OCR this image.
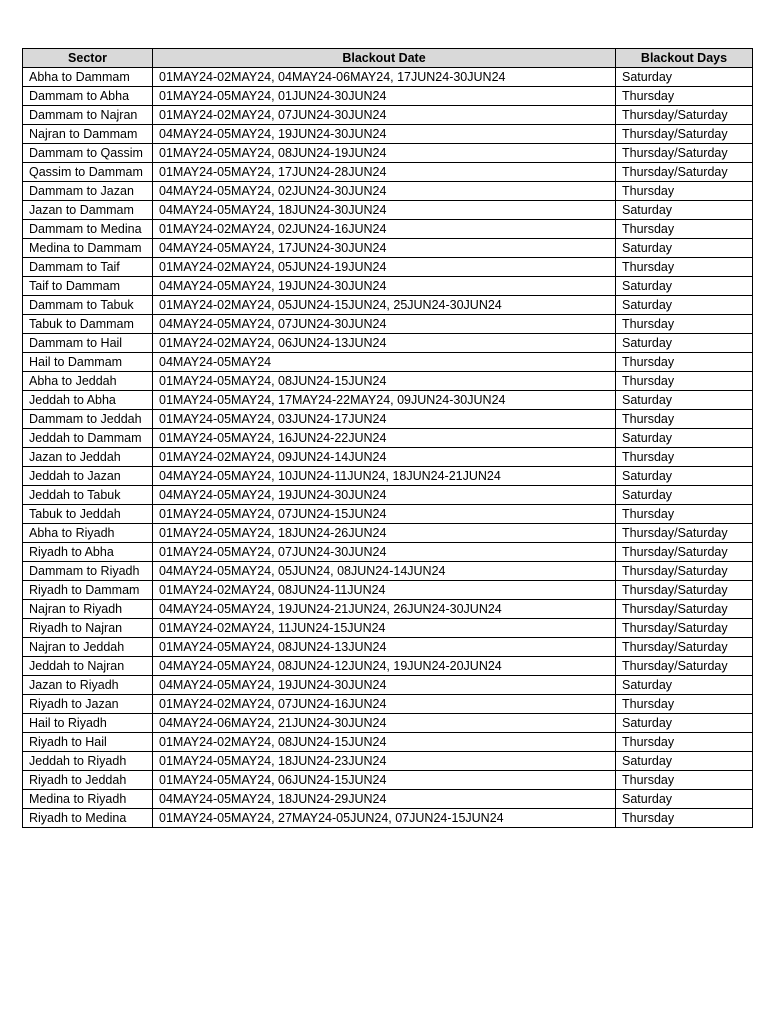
Sector	Blackout Date	Blackout Days
Abha to Dammam	01MAY24-02MAY24, 04MAY24-06MAY24, 17JUN24-30JUN24	Saturday
Dammam to Abha	01MAY24-05MAY24, 01JUN24-30JUN24	Thursday
Dammam to Najran	01MAY24-02MAY24, 07JUN24-30JUN24	Thursday/Saturday
Najran to Dammam	04MAY24-05MAY24, 19JUN24-30JUN24	Thursday/Saturday
Dammam to Qassim	01MAY24-05MAY24, 08JUN24-19JUN24	Thursday/Saturday
Qassim to Dammam	01MAY24-05MAY24, 17JUN24-28JUN24	Thursday/Saturday
Dammam to Jazan	04MAY24-05MAY24, 02JUN24-30JUN24	Thursday
Jazan to Dammam	04MAY24-05MAY24, 18JUN24-30JUN24	Saturday
Dammam to Medina	01MAY24-02MAY24, 02JUN24-16JUN24	Thursday
Medina to Dammam	04MAY24-05MAY24, 17JUN24-30JUN24	Saturday
Dammam to Taif	01MAY24-02MAY24, 05JUN24-19JUN24	Thursday
Taif to Dammam	04MAY24-05MAY24, 19JUN24-30JUN24	Saturday
Dammam to Tabuk	01MAY24-02MAY24, 05JUN24-15JUN24, 25JUN24-30JUN24	Saturday
Tabuk to Dammam	04MAY24-05MAY24, 07JUN24-30JUN24	Thursday
Dammam to Hail	01MAY24-02MAY24, 06JUN24-13JUN24	Saturday
Hail to Dammam	04MAY24-05MAY24	Thursday
Abha to Jeddah	01MAY24-05MAY24, 08JUN24-15JUN24	Thursday
Jeddah to Abha	01MAY24-05MAY24, 17MAY24-22MAY24, 09JUN24-30JUN24	Saturday
Dammam to Jeddah	01MAY24-05MAY24, 03JUN24-17JUN24	Thursday
Jeddah to Dammam	01MAY24-05MAY24, 16JUN24-22JUN24	Saturday
Jazan to Jeddah	01MAY24-02MAY24, 09JUN24-14JUN24	Thursday
Jeddah to Jazan	04MAY24-05MAY24, 10JUN24-11JUN24, 18JUN24-21JUN24	Saturday
Jeddah to Tabuk	04MAY24-05MAY24, 19JUN24-30JUN24	Saturday
Tabuk to Jeddah	01MAY24-05MAY24, 07JUN24-15JUN24	Thursday
Abha to Riyadh	01MAY24-05MAY24, 18JUN24-26JUN24	Thursday/Saturday
Riyadh to Abha	01MAY24-05MAY24, 07JUN24-30JUN24	Thursday/Saturday
Dammam to Riyadh	04MAY24-05MAY24, 05JUN24, 08JUN24-14JUN24	Thursday/Saturday
Riyadh to Dammam	01MAY24-02MAY24, 08JUN24-11JUN24	Thursday/Saturday
Najran to Riyadh	04MAY24-05MAY24, 19JUN24-21JUN24, 26JUN24-30JUN24	Thursday/Saturday
Riyadh to Najran	01MAY24-02MAY24, 11JUN24-15JUN24	Thursday/Saturday
Najran to Jeddah	01MAY24-05MAY24, 08JUN24-13JUN24	Thursday/Saturday
Jeddah to Najran	04MAY24-05MAY24, 08JUN24-12JUN24, 19JUN24-20JUN24	Thursday/Saturday
Jazan to Riyadh	04MAY24-05MAY24, 19JUN24-30JUN24	Saturday
Riyadh to Jazan	01MAY24-02MAY24, 07JUN24-16JUN24	Thursday
Hail to Riyadh	04MAY24-06MAY24, 21JUN24-30JUN24	Saturday
Riyadh to Hail	01MAY24-02MAY24, 08JUN24-15JUN24	Thursday
Jeddah to Riyadh	01MAY24-05MAY24, 18JUN24-23JUN24	Saturday
Riyadh to Jeddah	01MAY24-05MAY24, 06JUN24-15JUN24	Thursday
Medina to Riyadh	04MAY24-05MAY24, 18JUN24-29JUN24	Saturday
Riyadh to Medina	01MAY24-05MAY24, 27MAY24-05JUN24, 07JUN24-15JUN24	Thursday
